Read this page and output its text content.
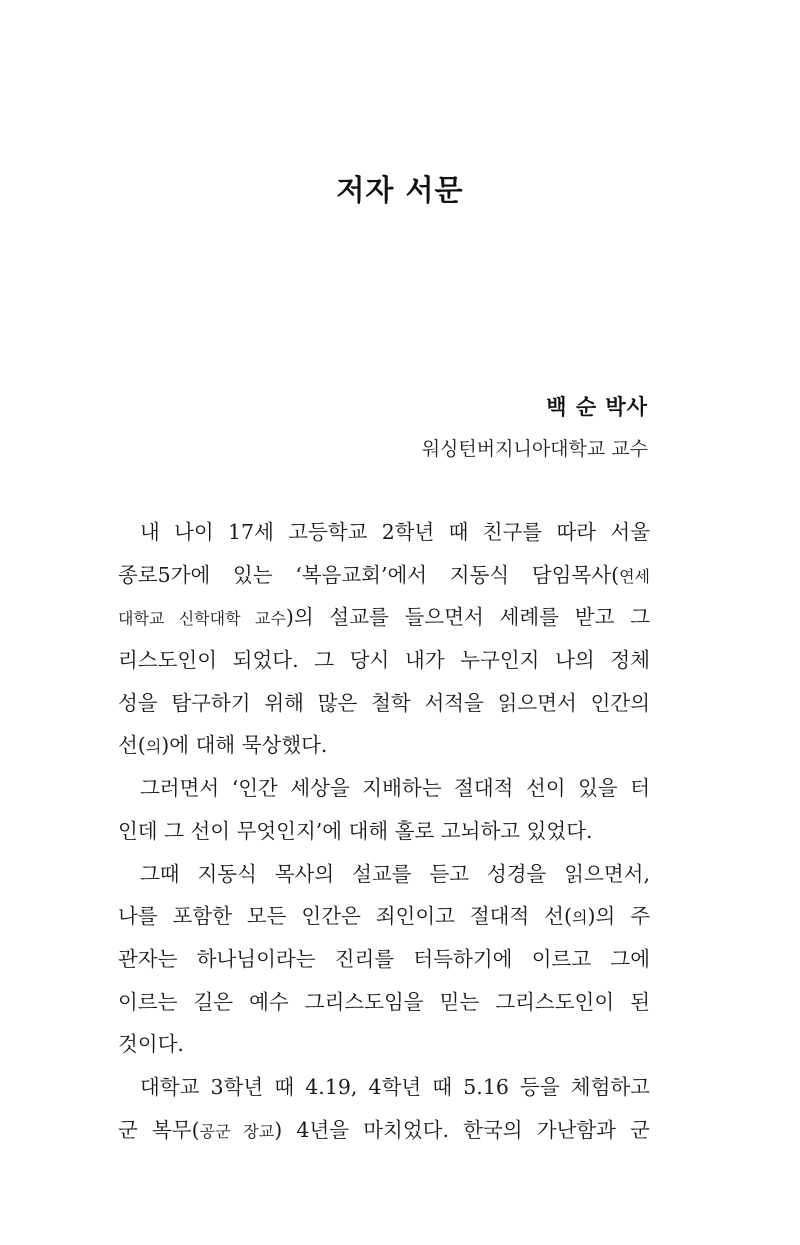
저자 서문
백 순 박사
워싱턴버지니아대학교 교수
내 나이 17세 고등학교 2학년 때 친구를 따라 서울
종로5가에 있는 ‘복음교회’에서 지동식 담임목사(연세
대학교 신학대학 교수)의 설교를 들으면서 세례를 받고 그
리스도인이 되었다. 그 당시 내가 누구인지 나의 정체
성을 탐구하기 위해 많은 철학 서적을 읽으면서 인간의
선(의)에 대해 묵상했다.
그러면서 ‘인간 세상을 지배하는 절대적 선이 있을 터
인데 그 선이 무엇인지’에 대해 홀로 고뇌하고 있었다.
그때 지동식 목사의 설교를 듣고 성경을 읽으면서,
나를 포함한 모든 인간은 죄인이고 절대적 선(의)의 주
관자는 하나님이라는 진리를 터득하기에 이르고 그에
이르는 길은 예수 그리스도임을 믿는 그리스도인이 된
것이다.
대학교 3학년 때 4.19, 4학년 때 5.16 등을 체험하고
군 복무(공군 장교) 4년을 마치었다. 한국의 가난함과 군
